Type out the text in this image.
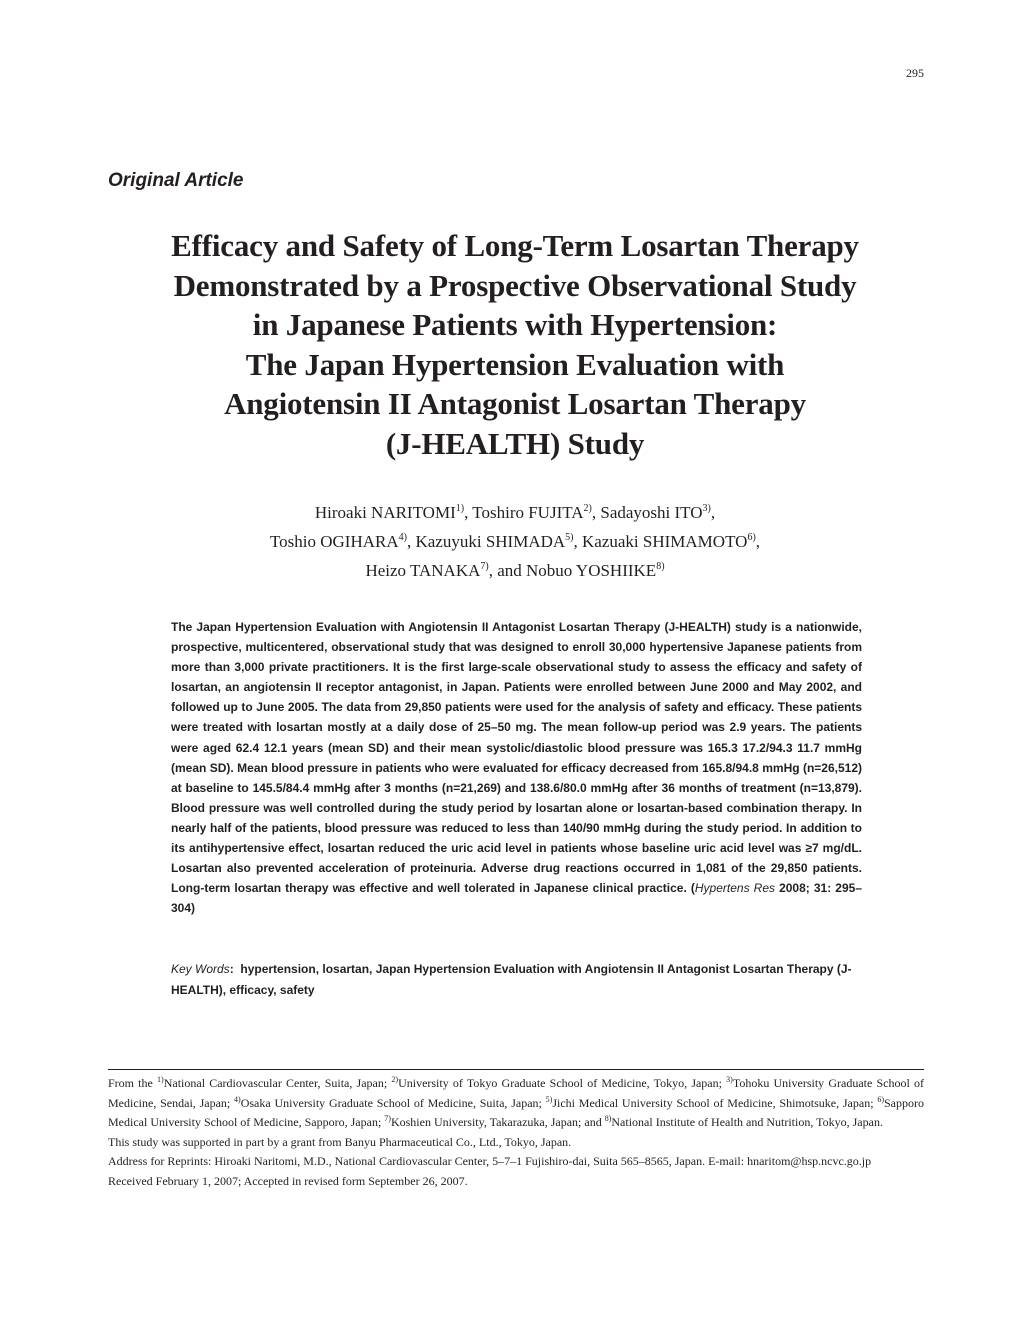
295
Original Article
Efficacy and Safety of Long-Term Losartan Therapy
Demonstrated by a Prospective Observational Study
in Japanese Patients with Hypertension:
The Japan Hypertension Evaluation with
Angiotensin II Antagonist Losartan Therapy
(J-HEALTH) Study
Hiroaki NARITOMI$^{1)}$, Toshiro FUJITA$^{2)}$, Sadayoshi ITO$^{3)}$,
Toshio OGIHARA$^{4)}$, Kazuyuki SHIMADA$^{5)}$, Kazuaki SHIMAMOTO$^{6)}$,
Heizo TANAKA$^{7)}$, and Nobuo YOSHIIKE$^{8)}$
The Japan Hypertension Evaluation with Angiotensin II Antagonist Losartan Therapy (J-HEALTH) study is a nationwide, prospective, multicentered, observational study that was designed to enroll 30,000 hypertensive Japanese patients from more than 3,000 private practitioners. It is the first large-scale observational study to assess the efficacy and safety of losartan, an angiotensin II receptor antagonist, in Japan. Patients were enrolled between June 2000 and May 2002, and followed up to June 2005. The data from 29,850 patients were used for the analysis of safety and efficacy. These patients were treated with losartan mostly at a daily dose of 25–50 mg. The mean follow-up period was 2.9 years. The patients were aged 62.4 12.1 years (mean SD) and their mean systolic/diastolic blood pressure was 165.3 17.2/94.3 11.7 mmHg (mean SD). Mean blood pressure in patients who were evaluated for efficacy decreased from 165.8/94.8 mmHg (n=26,512) at baseline to 145.5/84.4 mmHg after 3 months (n=21,269) and 138.6/80.0 mmHg after 36 months of treatment (n=13,879). Blood pressure was well controlled during the study period by losartan alone or losartan-based combination therapy. In nearly half of the patients, blood pressure was reduced to less than 140/90 mmHg during the study period. In addition to its antihypertensive effect, losartan reduced the uric acid level in patients whose baseline uric acid level was ≥7 mg/dL. Losartan also prevented acceleration of proteinuria. Adverse drug reactions occurred in 1,081 of the 29,850 patients. Long-term losartan therapy was effective and well tolerated in Japanese clinical practice. (Hypertens Res 2008; 31: 295–304)
Key Words: hypertension, losartan, Japan Hypertension Evaluation with Angiotensin II Antagonist Losartan Therapy (J-HEALTH), efficacy, safety

From the $^{1)}$National Cardiovascular Center, Suita, Japan; $^{2)}$University of Tokyo Graduate School of Medicine, Tokyo, Japan; $^{3)}$Tohoku University Graduate School of Medicine, Sendai, Japan; $^{4)}$Osaka University Graduate School of Medicine, Suita, Japan; $^{5)}$Jichi Medical University School of Medicine, Shimotsuke, Japan; $^{6)}$Sapporo Medical University School of Medicine, Sapporo, Japan; $^{7)}$Koshien University, Takarazuka, Japan; and $^{8)}$National Institute of Health and Nutrition, Tokyo, Japan.

This study was supported in part by a grant from Banyu Pharmaceutical Co., Ltd., Tokyo, Japan.

Address for Reprints: Hiroaki Naritomi, M.D., National Cardiovascular Center, 5–7–1 Fujishiro-dai, Suita 565–8565, Japan. E-mail: hnaritom@hsp.ncvc.go.jp

Received February 1, 2007; Accepted in revised form September 26, 2007.
